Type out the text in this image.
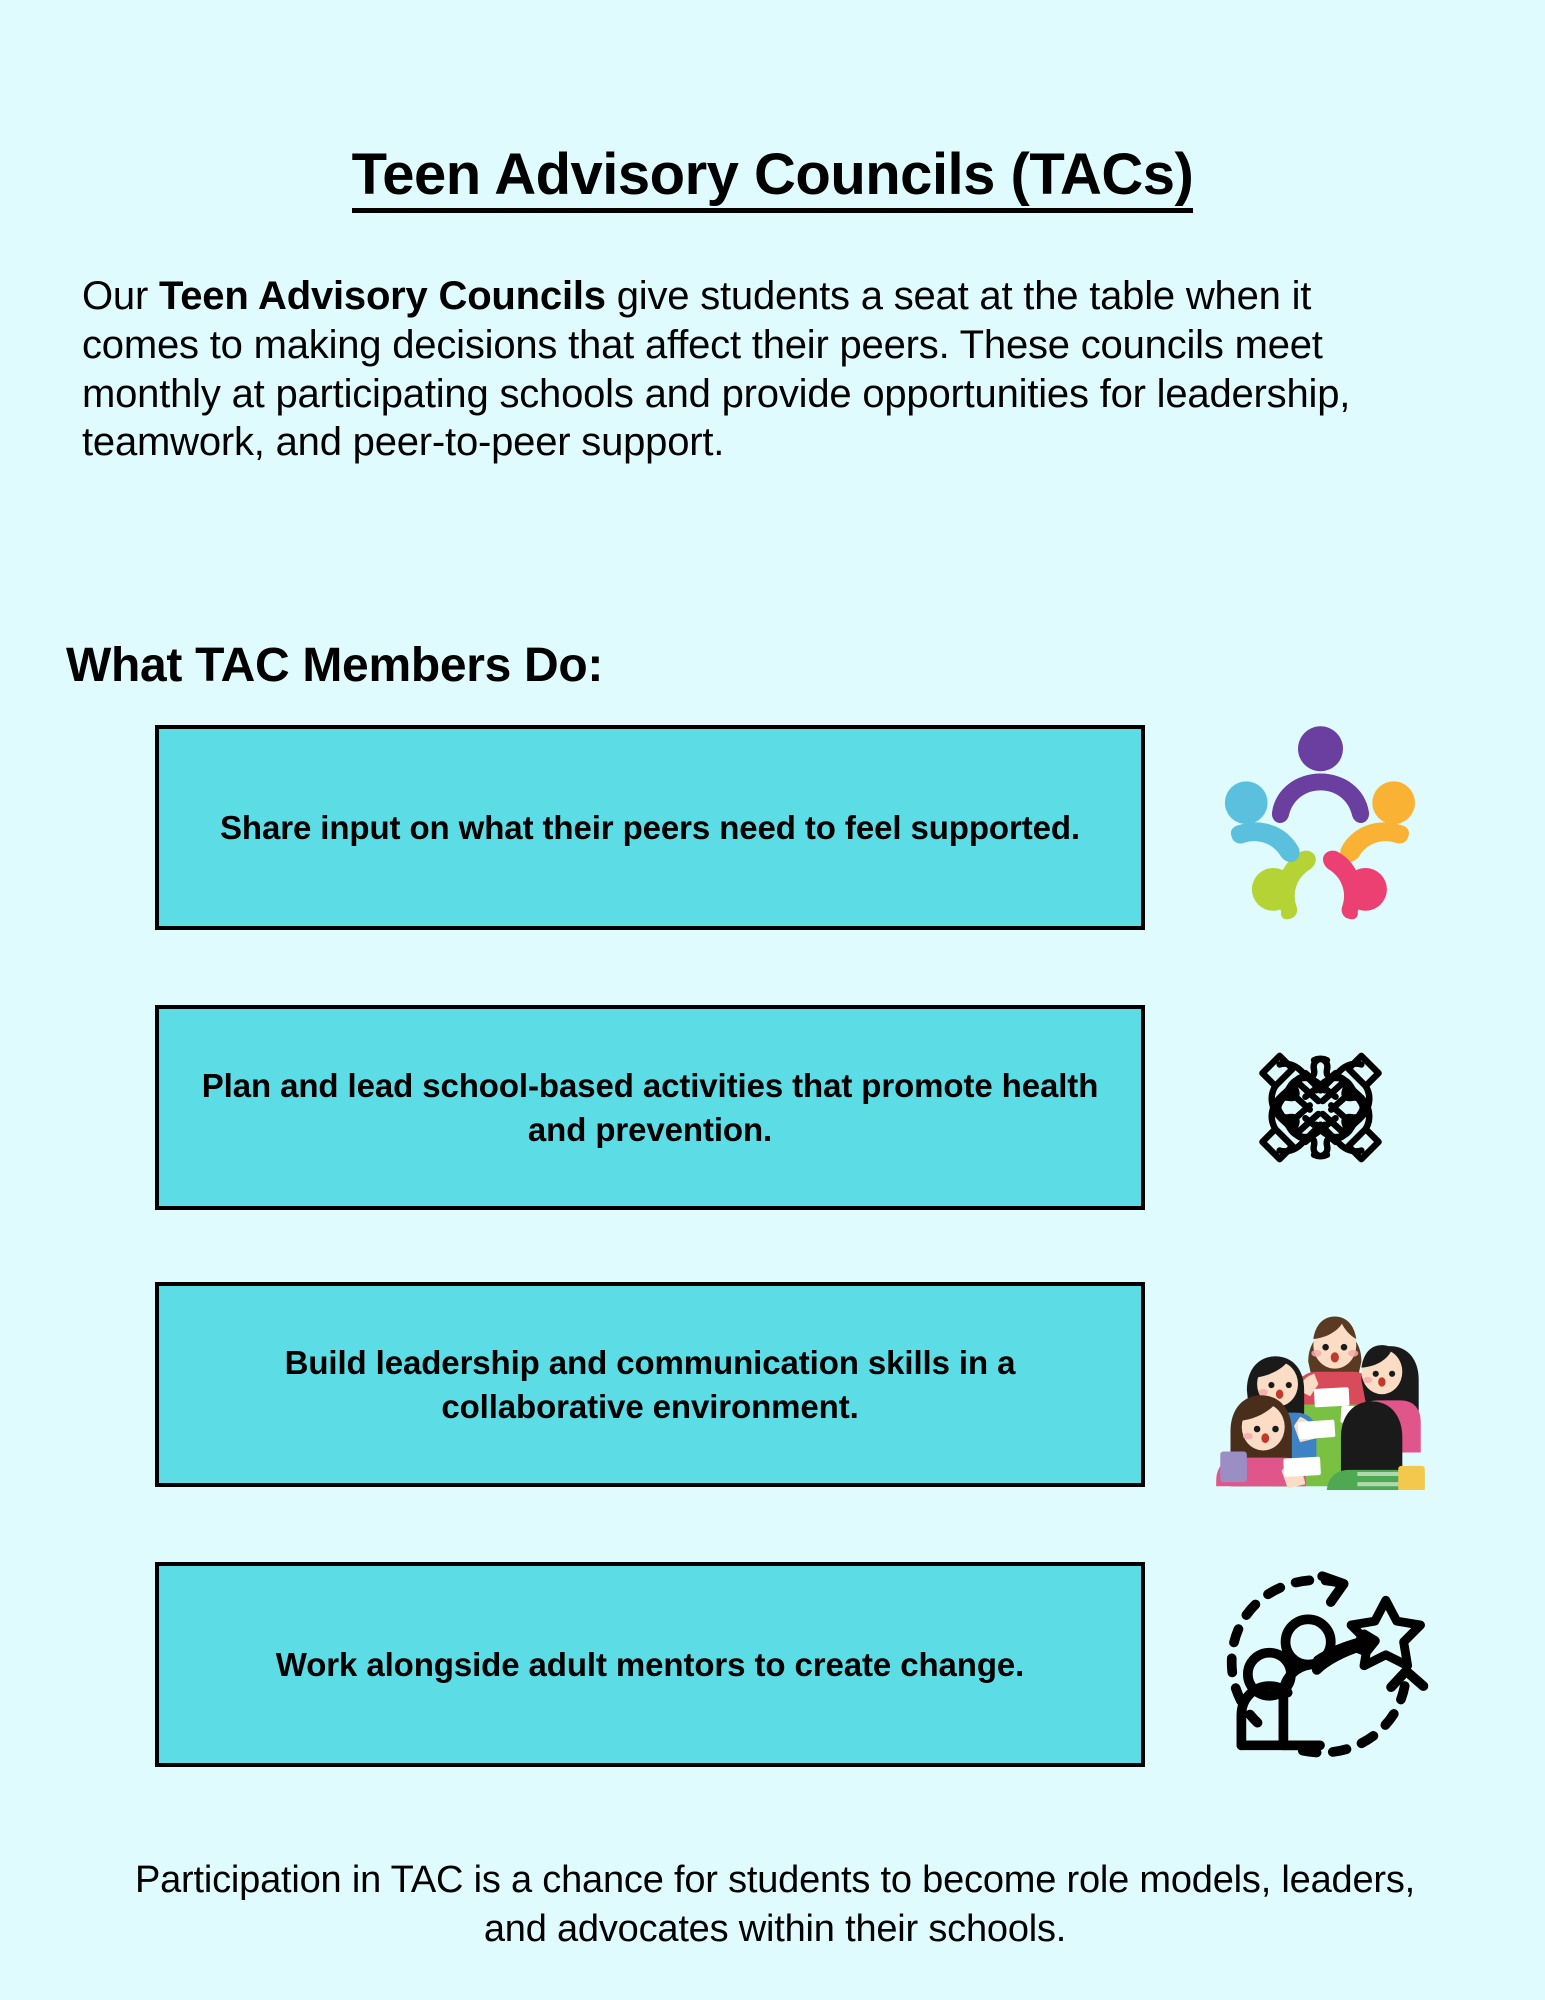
Teen Advisory Councils (TACs)

Our Teen Advisory Councils give students a seat at the table when it comes to making decisions that affect their peers. These councils meet monthly at participating schools and provide opportunities for leadership, teamwork, and peer-to-peer support.

What TAC Members Do:
Share input on what their peers need to feel supported.
Plan and lead school-based activities that promote health and prevention.
Build leadership and communication skills in a collaborative environment.
Work alongside adult mentors to create change.

Participation in TAC is a chance for students to become role models, leaders, and advocates within their schools.
